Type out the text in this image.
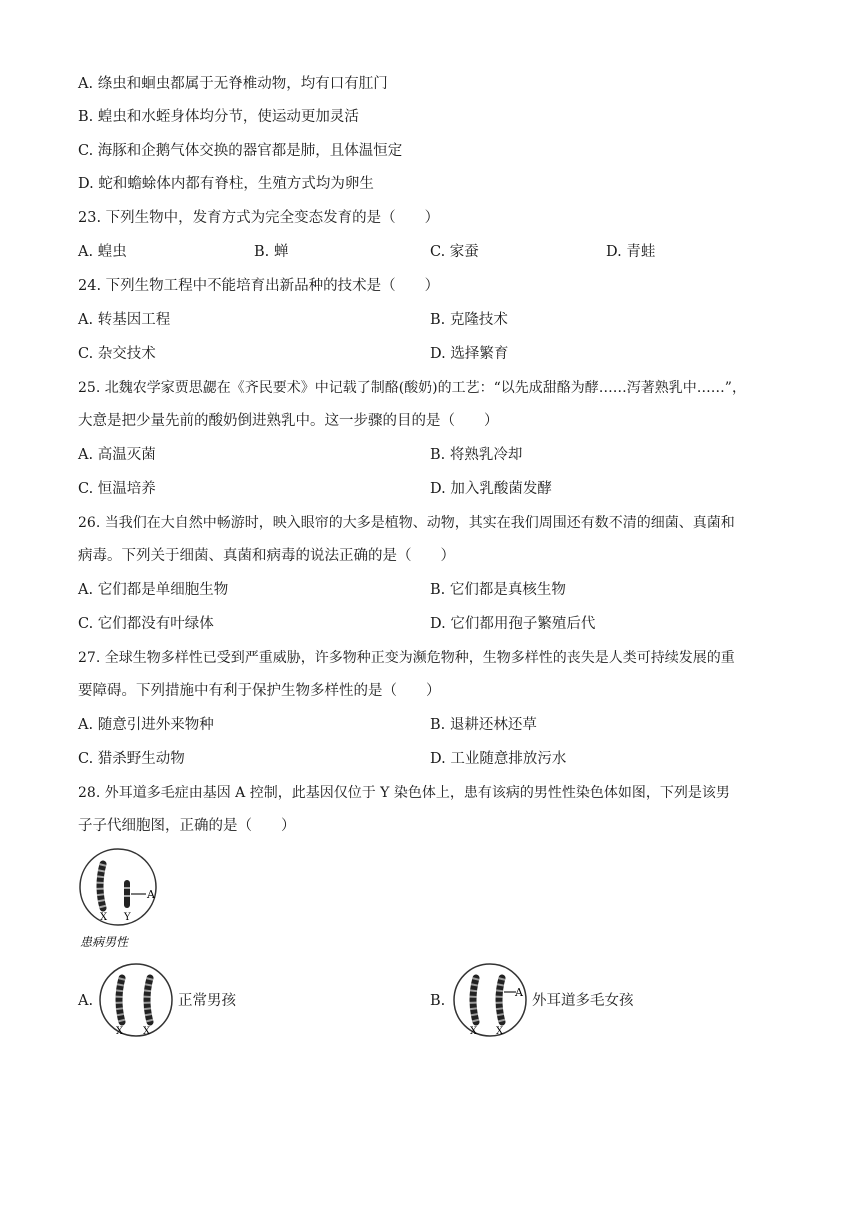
A. 绦虫和蛔虫都属于无脊椎动物，均有口有肛门
B. 蝗虫和水蛭身体均分节，使运动更加灵活
C. 海豚和企鹅气体交换的器官都是肺，且体温恒定
D. 蛇和蟾蜍体内都有脊柱，生殖方式均为卵生
23. 下列生物中，发育方式为完全变态发育的是（　　）
A. 蝗虫	B. 蝉	C. 家蚕	D. 青蛙
24. 下列生物工程中不能培育出新品种的技术是（　　）
A. 转基因工程	B. 克隆技术
C. 杂交技术	D. 选择繁育
25. 北魏农学家贾思勰在《齐民要术》中记载了制酪(酸奶)的工艺：“以先成甜酪为酵……泻著熟乳中……”，
大意是把少量先前的酸奶倒进熟乳中。这一步骤的目的是（　　）
A. 高温灭菌	B. 将熟乳冷却
C. 恒温培养	D. 加入乳酸菌发酵
26. 当我们在大自然中畅游时，映入眼帘的大多是植物、动物，其实在我们周围还有数不清的细菌、真菌和
病毒。下列关于细菌、真菌和病毒的说法正确的是（　　）
A. 它们都是单细胞生物	B. 它们都是真核生物
C. 它们都没有叶绿体	D. 它们都用孢子繁殖后代
27. 全球生物多样性已受到严重威胁，许多物种正变为濒危物种，生物多样性的丧失是人类可持续发展的重
要障碍。下列措施中有利于保护生物多样性的是（　　）
A. 随意引进外来物种	B. 退耕还林还草
C. 猎杀野生动物	D. 工业随意排放污水
28. 外耳道多毛症由基因 A 控制，此基因仅位于 Y 染色体上，患有该病的男性性染色体如图，下列是该男
子子代细胞图，正确的是（　　）
A
X Y
患病男性
A.
X X
正常男孩	B.
A
X X
外耳道多毛女孩
